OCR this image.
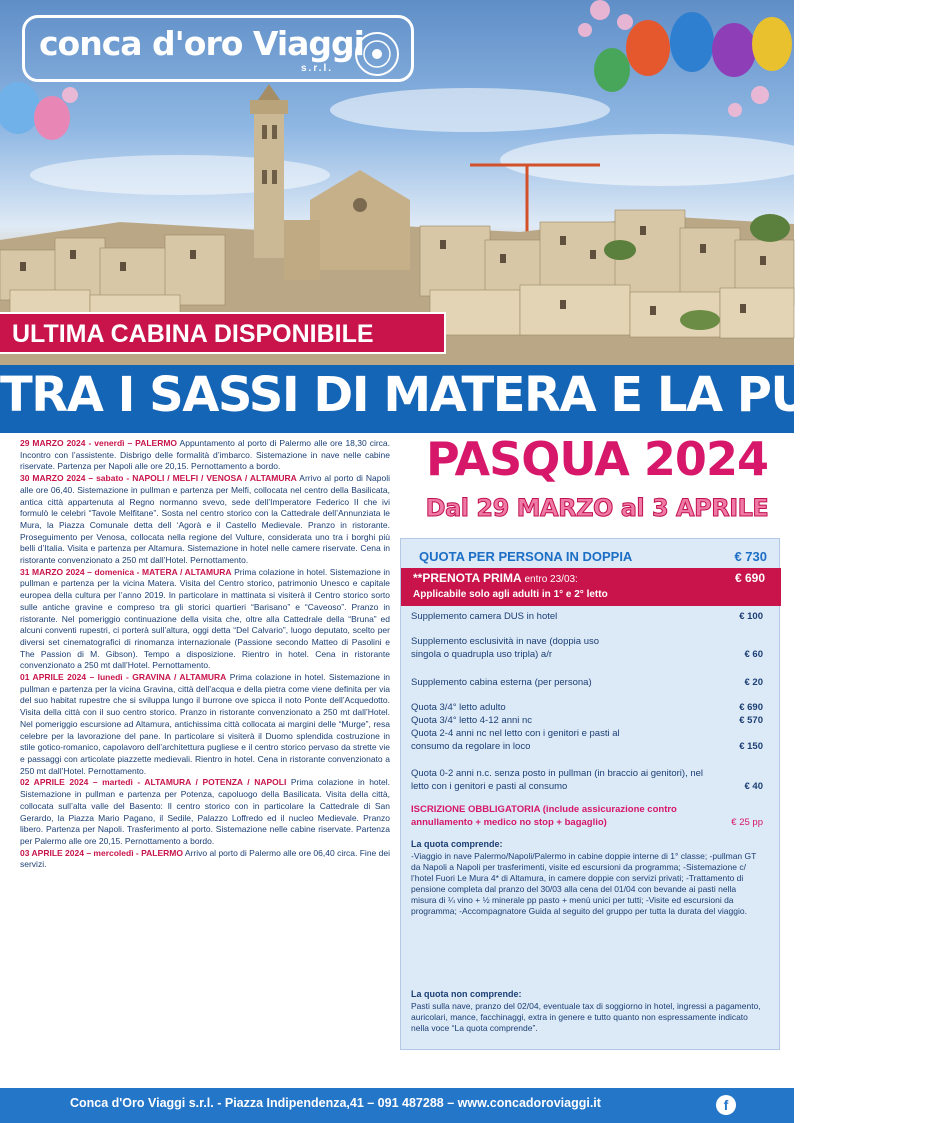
conca d'oro Viaggi
s.r.l.
ULTIMA CABINA DISPONIBILE
TRA I SASSI DI MATERA E LA PUGLIA

29 MARZO 2024 - venerdì – PALERMO Appuntamento al porto di Palermo alle ore 18,30 circa. Incontro con l’assistente. Disbrigo delle formalità d’imbarco. Sistemazione in nave nelle cabine riservate. Partenza per Napoli alle ore 20,15. Pernottamento a bordo.

30 MARZO 2024 – sabato - NAPOLI / MELFI / VENOSA / ALTAMURA Arrivo al porto di Napoli alle ore 06,40. Sistemazione in pullman e partenza per Melfi, collocata nel centro della Basilicata, antica città appartenuta al Regno normanno svevo, sede dell’Imperatore Federico II che ivi formulò le celebri “Tavole Melfitane”. Sosta nel centro storico con la Cattedrale dell’Annunziata le Mura, la Piazza Comunale detta dell ‘Agorà e il Castello Medievale. Pranzo in ristorante. Proseguimento per Venosa, collocata nella regione del Vulture, considerata uno tra i borghi più belli d’Italia. Visita e partenza per Altamura. Sistemazione in hotel nelle camere riservate. Cena in ristorante convenzionato a 250 mt dall’Hotel. Pernottamento.

31 MARZO 2024 – domenica - MATERA / ALTAMURA Prima colazione in hotel. Sistemazione in pullman e partenza per la vicina Matera. Visita del Centro storico, patrimonio Unesco e capitale europea della cultura per l’anno 2019. In particolare in mattinata si visiterà il Centro storico sorto sulle antiche gravine e compreso tra gli storici quartieri “Barisano” e “Caveoso”. Pranzo in ristorante. Nel pomeriggio continuazione della visita che, oltre alla Cattedrale della “Bruna” ed alcuni conventi rupestri, ci porterà sull’altura, oggi detta “Del Calvario”, luogo deputato, scelto per diversi set cinematografici di rinomanza internazionale (Passione secondo Matteo di Pasolini e The Passion di M. Gibson). Tempo a disposizione. Rientro in hotel. Cena in ristorante convenzionato a 250 mt dall’Hotel. Pernottamento.

01 APRILE 2024 – lunedì - GRAVINA / ALTAMURA Prima colazione in hotel. Sistemazione in pullman e partenza per la vicina Gravina, città dell’acqua e della pietra come viene definita per via del suo habitat rupestre che si sviluppa lungo il burrone ove spicca il noto Ponte dell’Acquedotto. Visita della città con il suo centro storico. Pranzo in ristorante convenzionato a 250 mt dall’Hotel. Nel pomeriggio escursione ad Altamura, antichissima città collocata ai margini delle “Murge”, resa celebre per la lavorazione del pane. In particolare si visiterà il Duomo splendida costruzione in stile gotico-romanico, capolavoro dell’architettura pugliese e il centro storico pervaso da strette vie e passaggi con articolate piazzette medievali. Rientro in hotel. Cena in ristorante convenzionato a 250 mt dall’Hotel. Pernottamento.

02 APRILE 2024 – martedì - ALTAMURA / POTENZA / NAPOLI Prima colazione in hotel. Sistemazione in pullman e partenza per Potenza, capoluogo della Basilicata. Visita della città, collocata sull’alta valle del Basento: Il centro storico con in particolare la Cattedrale di San Gerardo, la Piazza Mario Pagano, il Sedile, Palazzo Loffredo ed il nucleo Medievale. Pranzo libero. Partenza per Napoli. Trasferimento al porto. Sistemazione nelle cabine riservate. Partenza per Palermo alle ore 20,15. Pernottamento a bordo.

03 APRILE 2024 – mercoledì - PALERMO Arrivo al porto di Palermo alle ore 06,40 circa. Fine dei servizi.

PASQUA 2024
Dal 29 MARZO al 3 APRILE
QUOTA PER PERSONA IN DOPPIA	€ 730
**PRENOTA PRIMA entro 23/03:	€ 690
Applicabile solo agli adulti in 1° e 2° letto
Supplemento camera DUS in hotel	€ 100
Supplemento esclusività in nave (doppia uso singola o quadrupla uso tripla) a/r	€ 60
Supplemento cabina esterna (per persona)	€ 20
Quota 3/4° letto adulto	€ 690
Quota 3/4° letto 4-12 anni nc	€ 570
Quota 2-4 anni nc nel letto con i genitori e pasti al consumo da regolare in loco	€ 150
Quota 0-2 anni n.c. senza posto in pullman (in braccio ai genitori), nel letto con i genitori e pasti al consumo	€ 40
ISCRIZIONE OBBLIGATORIA (include assicurazione contro annullamento + medico no stop + bagaglio)	€ 25 pp
La quota comprende:
-Viaggio in nave Palermo/Napoli/Palermo in cabine doppie interne di 1° classe; -pullman GT da Napoli a Napoli per trasferimenti, visite ed escursioni da programma; -Sistemazione c/ l’hotel Fuori Le Mura 4* di Altamura, in camere doppie con servizi privati; -Trattamento di pensione completa dal pranzo del 30/03 alla cena del 01/04 con bevande ai pasti nella misura di ¼ vino + ½ minerale pp pasto + menù unici per tutti; -Visite ed escursioni da programma; -Accompagnatore Guida al seguito del gruppo per tutta la durata del viaggio.
La quota non comprende:
Pasti sulla nave, pranzo del 02/04, eventuale tax di soggiorno in hotel, ingressi a pagamento, auricolari, mance, facchinaggi, extra in genere e tutto quanto non espressamente indicato nella voce “La quota comprende”.
Conca d'Oro Viaggi s.r.l. - Piazza Indipendenza,41 – 091 487288 – www.concadoroviaggi.it	f
